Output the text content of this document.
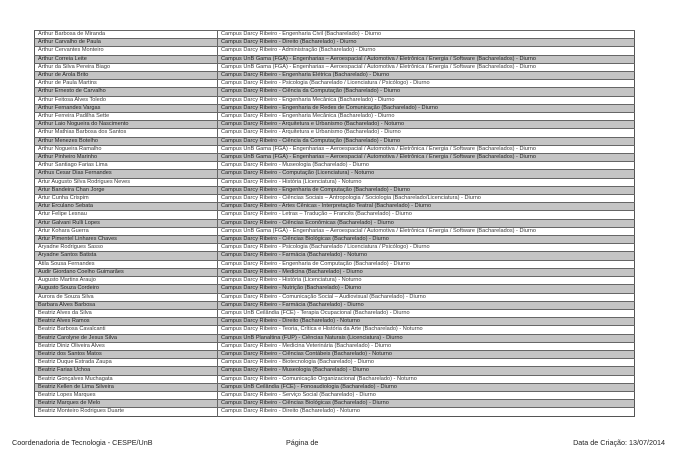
Arthur Barbosa de Miranda	Campus Darcy Ribeiro - Engenharia Civil (Bacharelado) - Diurno
Arthur Carvalho de Paula	Campus Darcy Ribeiro - Direito (Bacharelado) - Diurno
Arthur Cervantes Monteiro	Campus Darcy Ribeiro - Administração (Bacharelado) - Diurno
Arthur Correia Leite	Campus UnB Gama (FGA) - Engenharias – Aeroespacial / Automotiva / Eletrônica / Energia / Software (Bacharelados) - Diurno
Arthur da Silva Pereira Biago	Campus UnB Gama (FGA) - Engenharias – Aeroespacial / Automotiva / Eletrônica / Energia / Software (Bacharelados) - Diurno
Arthur de Arola Brito	Campus Darcy Ribeiro - Engenharia Elétrica (Bacharelado) - Diurno
Arthur de Paula Martins	Campus Darcy Ribeiro - Psicologia (Bacharelado / Licenciatura / Psicólogo) - Diurno
Arthur Ernesto de Carvalho	Campus Darcy Ribeiro - Ciência da Computação (Bacharelado) - Diurno
Arthur Feitosa Alves Toledo	Campus Darcy Ribeiro - Engenharia Mecânica (Bacharelado) - Diurno
Arthur Fernandes Vargas	Campus Darcy Ribeiro - Engenharia de Redes de Comunicação (Bacharelado) - Diurno
Arthur Ferreira Padilha Sette	Campus Darcy Ribeiro - Engenharia Mecânica (Bacharelado) - Diurno
Arthur Laio Nogueira do Nascimento	Campus Darcy Ribeiro - Arquitetura e Urbanismo (Bacharelado) - Noturno
Arthur Mathias Barbosa dos Santos	Campus Darcy Ribeiro - Arquitetura e Urbanismo (Bacharelado) - Diurno
Arthur Menezes Botelho	Campus Darcy Ribeiro - Ciência da Computação (Bacharelado) - Diurno
Arthur Nogueira Ramalho	Campus UnB Gama (FGA) - Engenharias – Aeroespacial / Automotiva / Eletrônica / Energia / Software (Bacharelados) - Diurno
Arthur Pinheiro Marinho	Campus UnB Gama (FGA) - Engenharias – Aeroespacial / Automotiva / Eletrônica / Energia / Software (Bacharelados) - Diurno
Arthur Santiago Farias Lima	Campus Darcy Ribeiro - Museologia (Bacharelado) - Diurno
Arthus Cesar Dias Fernandes	Campus Darcy Ribeiro - Computação (Licenciatura) - Noturno
Artur Augusto Silva Rodrigues Neves	Campus Darcy Ribeiro - História (Licenciatura) - Noturno
Artur Bandeira Chan Jorge	Campus Darcy Ribeiro - Engenharia de Computação (Bacharelado) - Diurno
Artur Cunha Crispim	Campus Darcy Ribeiro - Ciências Sociais – Antropologia / Sociologia (Bacharelado/Licenciatura) - Diurno
Artur Erculano Sebata	Campus Darcy Ribeiro - Artes Cênicas - Interpretação Teatral (Bacharelado) - Diurno
Artur Felipe Lesnau	Campus Darcy Ribeiro - Letras – Tradução – Francês (Bacharelado) - Diurno
Artur Galvani Rulli Lopes	Campus Darcy Ribeiro - Ciências Econômicas (Bacharelado) - Diurno
Artur Kohara Guerra	Campus UnB Gama (FGA) - Engenharias – Aeroespacial / Automotiva / Eletrônica / Energia / Software (Bacharelados) - Diurno
Artur Pimentel Linhares Chaves	Campus Darcy Ribeiro - Ciências Biológicas (Bacharelado) - Diurno
Aryadne Rodrigues Sasso	Campus Darcy Ribeiro - Psicologia (Bacharelado / Licenciatura / Psicólogo) - Diurno
Aryadne Santos Batista	Campus Darcy Ribeiro - Farmácia (Bacharelado) - Noturno
Átila Sousa Fernandes	Campus Darcy Ribeiro - Engenharia de Computação (Bacharelado) - Diurno
Audir Giordano Coelho Guimarães	Campus Darcy Ribeiro - Medicina (Bacharelado) - Diurno
Augusto Martins Araujo	Campus Darcy Ribeiro - História (Licenciatura) - Noturno
Augusto Souza Cordeiro	Campus Darcy Ribeiro - Nutrição (Bacharelado) - Diurno
Aurora de Souza Silva	Campus Darcy Ribeiro - Comunicação Social – Audiovisual (Bacharelado) - Diurno
Barbara Alves Barbosa	Campus Darcy Ribeiro - Farmácia (Bacharelado) - Diurno
Beatriz Alves da Silva	Campus UnB Ceilândia (FCE) - Terapia Ocupacional (Bacharelado) - Diurno
Beatriz Alves Ramos	Campus Darcy Ribeiro - Direito (Bacharelado) - Noturno
Beatriz Barbosa Cavalcanti	Campus Darcy Ribeiro - Teoria, Crítica e História da Arte (Bacharelado) - Noturno
Beatriz Carolyne de Jesus Silva	Campus UnB Planaltina (FUP) - Ciências Naturais (Licenciatura) - Diurno
Beatriz Diniz Oliveira Alves	Campus Darcy Ribeiro - Medicina Veterinária (Bacharelado) - Diurno
Beatriz dos Santos Matos	Campus Darcy Ribeiro - Ciências Contábeis (Bacharelado) - Noturno
Beatriz Duque Estrada Zaupa	Campus Darcy Ribeiro - Biotecnologia (Bacharelado) - Diurno
Beatriz Farias Uchoa	Campus Darcy Ribeiro - Museologia (Bacharelado) - Diurno
Beatriz Gonçalves Muchagata	Campus Darcy Ribeiro - Comunicação Organizacional (Bacharelado) - Noturno
Beatriz Kellen de Lima Silveira	Campus UnB Ceilândia (FCE) - Fonoaudiologia (Bacharelado) - Diurno
Beatriz Lopes Marques	Campus Darcy Ribeiro - Serviço Social (Bacharelado) - Diurno
Beatriz Marques de Melo	Campus Darcy Ribeiro - Ciências Biológicas (Bacharelado) - Diurno
Beatriz Monteiro Rodrigues Duarte	Campus Darcy Ribeiro - Direito (Bacharelado) - Noturno
Coordenadoria de Tecnologia - CESPE/UnB	Página de	Data de Criação: 13/07/2014
